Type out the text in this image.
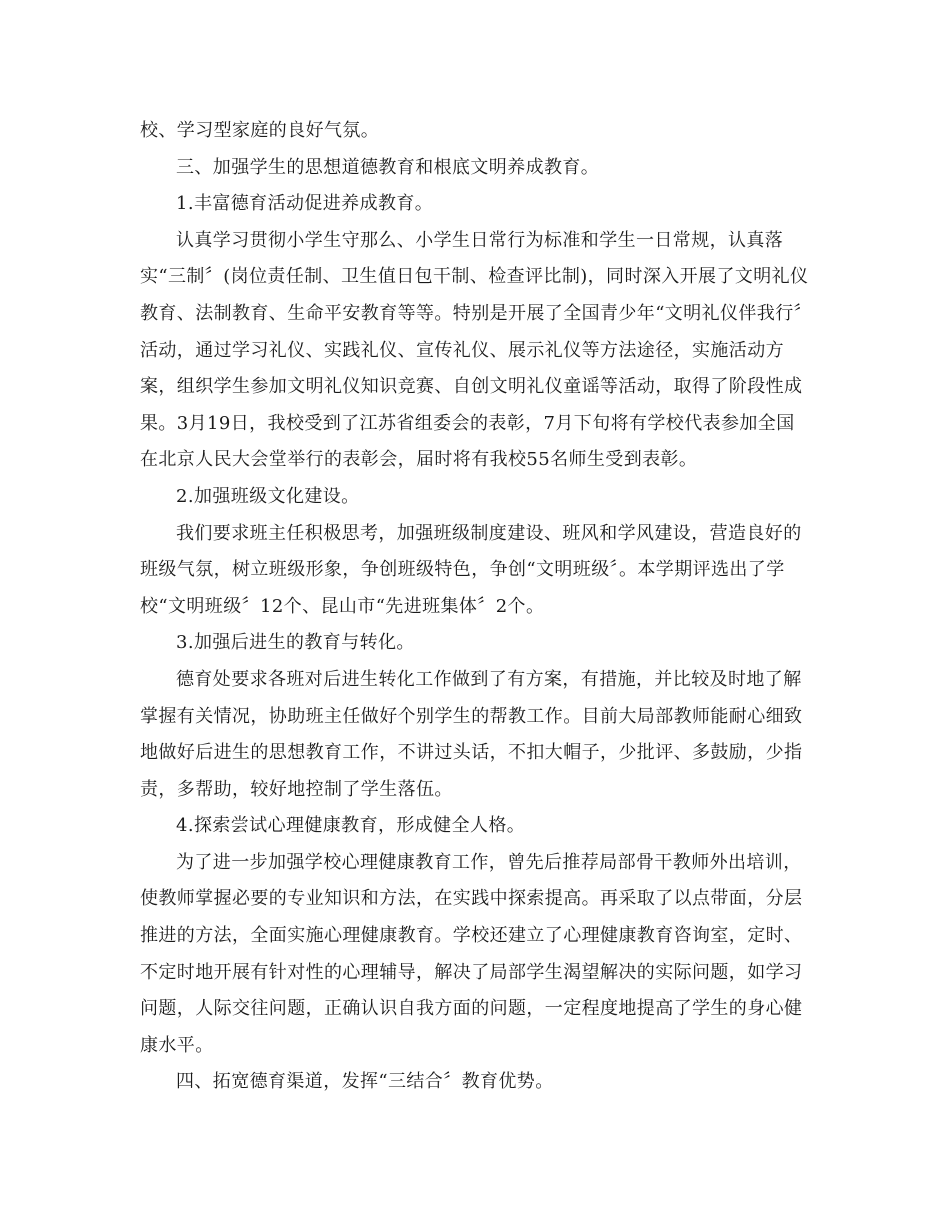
校、学习型家庭的良好气氛。

三、加强学生的思想道德教育和根底文明养成教育。

1.丰富德育活动促进养成教育。

认真学习贯彻小学生守那么、小学生日常行为标准和学生一日常规，认真落实“三制〞(岗位责任制、卫生值日包干制、检查评比制)，同时深入开展了文明礼仪教育、法制教育、生命平安教育等等。特别是开展了全国青少年“文明礼仪伴我行〞活动，通过学习礼仪、实践礼仪、宣传礼仪、展示礼仪等方法途径，实施活动方案，组织学生参加文明礼仪知识竞赛、自创文明礼仪童谣等活动，取得了阶段性成果。3月19日，我校受到了江苏省组委会的表彰，7月下旬将有学校代表参加全国在北京人民大会堂举行的表彰会，届时将有我校55名师生受到表彰。

2.加强班级文化建设。

我们要求班主任积极思考，加强班级制度建设、班风和学风建设，营造良好的班级气氛，树立班级形象，争创班级特色，争创“文明班级〞。本学期评选出了学校“文明班级〞12个、昆山市“先进班集体〞2个。

3.加强后进生的教育与转化。

德育处要求各班对后进生转化工作做到了有方案，有措施，并比较及时地了解掌握有关情况，协助班主任做好个别学生的帮教工作。目前大局部教师能耐心细致地做好后进生的思想教育工作，不讲过头话，不扣大帽子，少批评、多鼓励，少指责，多帮助，较好地控制了学生落伍。

4.探索尝试心理健康教育，形成健全人格。

为了进一步加强学校心理健康教育工作，曾先后推荐局部骨干教师外出培训，使教师掌握必要的专业知识和方法，在实践中探索提高。再采取了以点带面，分层推进的方法，全面实施心理健康教育。学校还建立了心理健康教育咨询室，定时、不定时地开展有针对性的心理辅导，解决了局部学生渴望解决的实际问题，如学习问题，人际交往问题，正确认识自我方面的问题，一定程度地提高了学生的身心健康水平。

四、拓宽德育渠道，发挥“三结合〞教育优势。
